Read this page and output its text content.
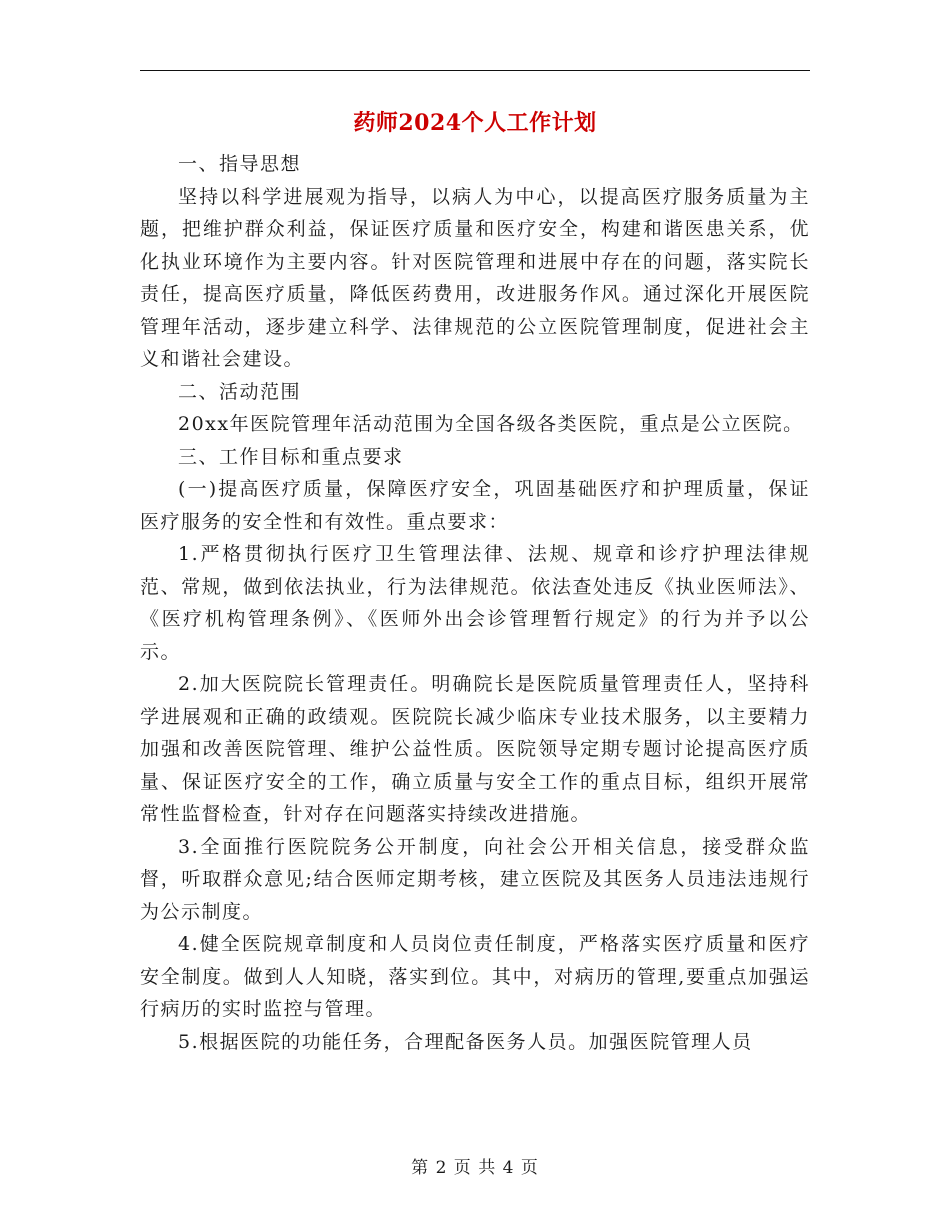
药师2024个人工作计划

一、指导思想

坚持以科学进展观为指导，以病人为中心，以提高医疗服务质量为主题，把维护群众利益，保证医疗质量和医疗安全，构建和谐医患关系，优化执业环境作为主要内容。针对医院管理和进展中存在的问题，落实院长责任，提高医疗质量，降低医药费用，改进服务作风。通过深化开展医院管理年活动，逐步建立科学、法律规范的公立医院管理制度，促进社会主义和谐社会建设。

二、活动范围

20xx年医院管理年活动范围为全国各级各类医院，重点是公立医院。

三、工作目标和重点要求

(一)提高医疗质量，保障医疗安全，巩固基础医疗和护理质量，保证医疗服务的安全性和有效性。重点要求：

1.严格贯彻执行医疗卫生管理法律、法规、规章和诊疗护理法律规范、常规，做到依法执业，行为法律规范。依法查处违反《执业医师法》、《医疗机构管理条例》、《医师外出会诊管理暂行规定》的行为并予以公示。

2.加大医院院长管理责任。明确院长是医院质量管理责任人，坚持科学进展观和正确的政绩观。医院院长减少临床专业技术服务，以主要精力加强和改善医院管理、维护公益性质。医院领导定期专题讨论提高医疗质量、保证医疗安全的工作，确立质量与安全工作的重点目标，组织开展常常性监督检查，针对存在问题落实持续改进措施。

3.全面推行医院院务公开制度，向社会公开相关信息，接受群众监督，听取群众意见;结合医师定期考核，建立医院及其医务人员违法违规行为公示制度。

4.健全医院规章制度和人员岗位责任制度，严格落实医疗质量和医疗安全制度。做到人人知晓，落实到位。其中，对病历的管理,要重点加强运行病历的实时监控与管理。

5.根据医院的功能任务，合理配备医务人员。加强医院管理人员

第 2 页 共 4 页
